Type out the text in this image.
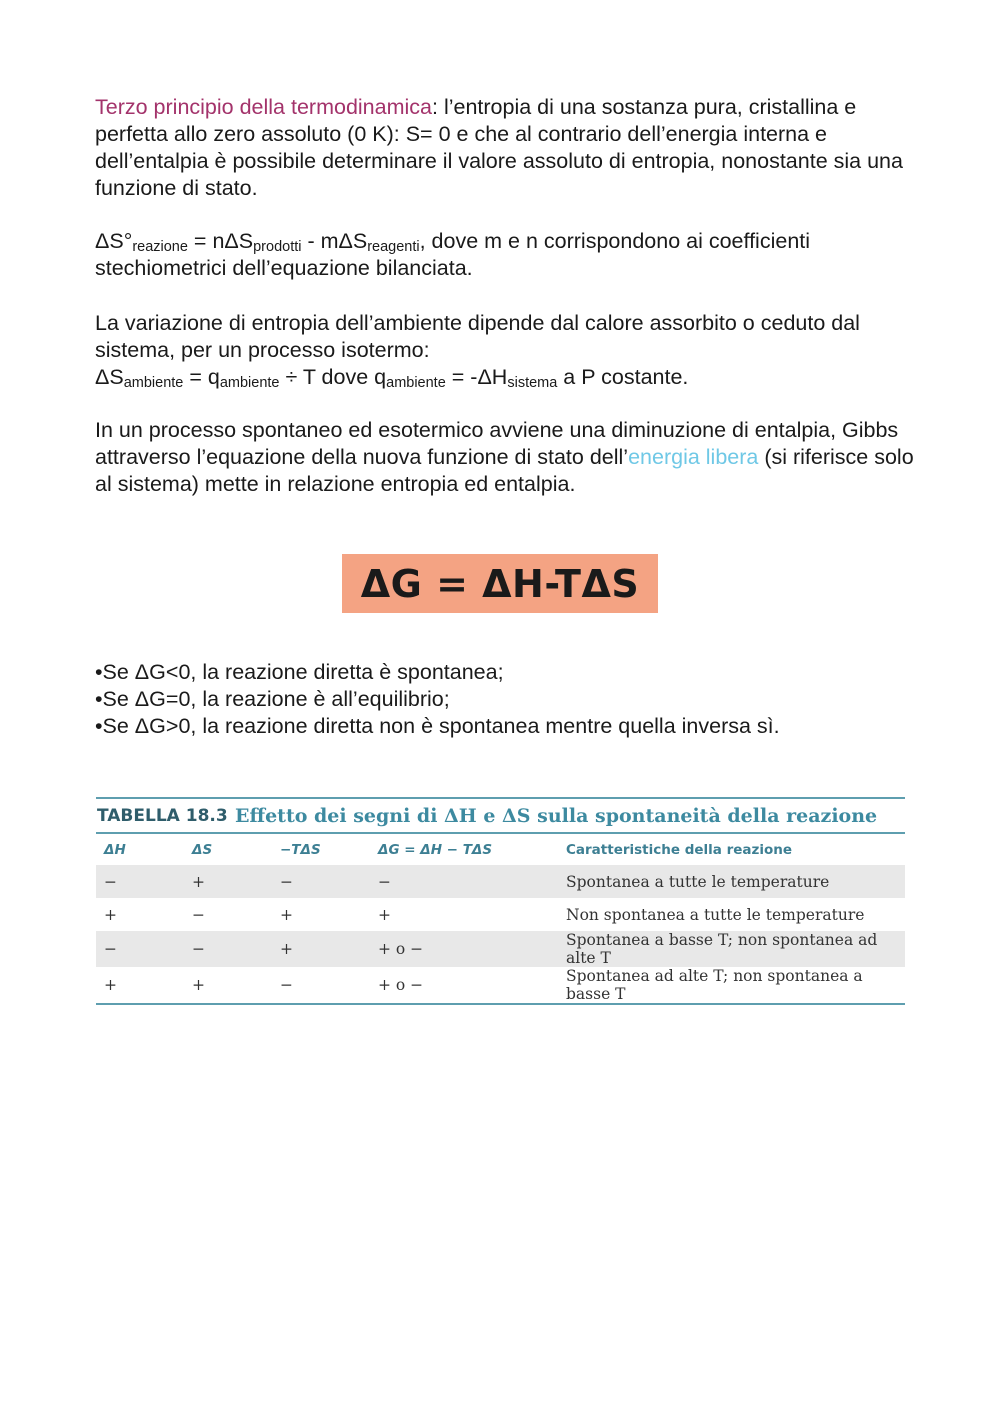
Terzo principio della termodinamica: l’entropia di una sostanza pura, cristallina e perfetta allo zero assoluto (0 K): S= 0 e che al contrario dell’energia interna e dell’entalpia è possibile determinare il valore assoluto di entropia, nonostante sia una funzione di stato.

$\Delta S^\circ_{reazione} = n\Delta S_{prodotti} - m\Delta S_{reagenti}$, dove m e n corrispondono ai coefficienti stechiometrici dell’equazione bilanciata.

La variazione di entropia dell’ambiente dipende dal calore assorbito o ceduto dal sistema, per un processo isotermo:

$\Delta S_{ambiente} = q_{ambiente} \div T$ dove $q_{ambiente} = -\Delta H_{sistema}$ a P costante.

In un processo spontaneo ed esotermico avviene una diminuzione di entalpia, Gibbs attraverso l’equazione della nuova funzione di stato dell’energia libera (si riferisce solo al sistema) mette in relazione entropia ed entalpia.

ΔG = ΔH-TΔS

•Se ΔG<0, la reazione diretta è spontanea;

•Se ΔG=0, la reazione è all’equilibrio;

•Se ΔG>0, la reazione diretta non è spontanea mentre quella inversa sì.

TABELLA 18.3 Effetto dei segni di ΔH e ΔS sulla spontaneità della reazione
ΔH	ΔS	−TΔS	ΔG = ΔH − TΔS	Caratteristiche della reazione
−	+	−	−	Spontanea a tutte le temperature
+	−	+	+	Non spontanea a tutte le temperature
−	−	+	+ o −	Spontanea a basse T; non spontanea ad alte T
+	+	−	+ o −	Spontanea ad alte T; non spontanea a basse T
